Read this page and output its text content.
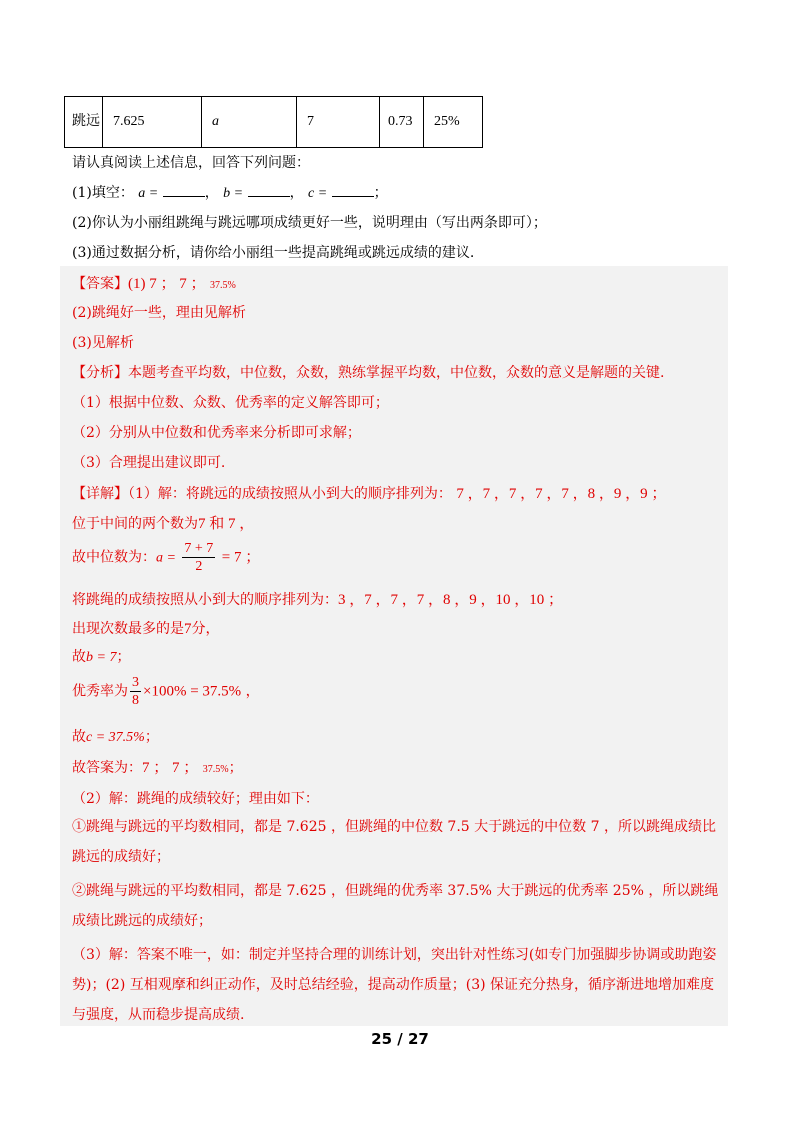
跳远	7.625	a	7	0.73	25%
请认真阅读上述信息，回答下列问题：
(1)填空： a =	， b =	， c =	；
(2)你认为小丽组跳绳与跳远哪项成绩更好一些，说明理由（写出两条即可）；
(3)通过数据分析，请你给小丽组一些提高跳绳或跳远成绩的建议.
【答案】(1) 7 ； 7 ； 37.5%
(2)跳绳好一些，理由见解析
(3)见解析
【分析】本题考查平均数，中位数，众数，熟练掌握平均数，中位数，众数的意义是解题的关键.
（1）根据中位数、众数、优秀率的定义解答即可；
（2）分别从中位数和优秀率来分析即可求解；
（3）合理提出建议即可.
【详解】（1）解：将跳远的成绩按照从小到大的顺序排列为： 7 ，7 ，7 ，7 ，7 ，8 ，9 ，9 ；
位于中间的两个数为7 和 7 ，
故中位数为：$a = \frac{7 + 7}{2} = 7$ ；
将跳绳的成绩按照从小到大的顺序排列为：3 ，7 ，7 ，7 ，8 ，9 ，10 ，10 ；
出现次数最多的是7分，
故b = 7；
优秀率为 $\frac{3}{8} \times 100\% = 37.5\%$ ，
故c = 37.5%；
故答案为：7 ； 7 ； 37.5%；
（2）解：跳绳的成绩较好；理由如下：
①跳绳与跳远的平均数相同，都是 7.625 ，但跳绳的中位数 7.5 大于跳远的中位数 7 ，所以跳绳成绩比跳远的成绩好；
②跳绳与跳远的平均数相同，都是 7.625 ，但跳绳的优秀率 37.5% 大于跳远的优秀率 25% ，所以跳绳成绩比跳远的成绩好；
（3）解：答案不唯一，如：制定并坚持合理的训练计划，突出针对性练习(如专门加强脚步协调或助跑姿势)；(2) 互相观摩和纠正动作，及时总结经验，提高动作质量；(3) 保证充分热身，循序渐进地增加难度与强度，从而稳步提高成绩.
25 / 27
